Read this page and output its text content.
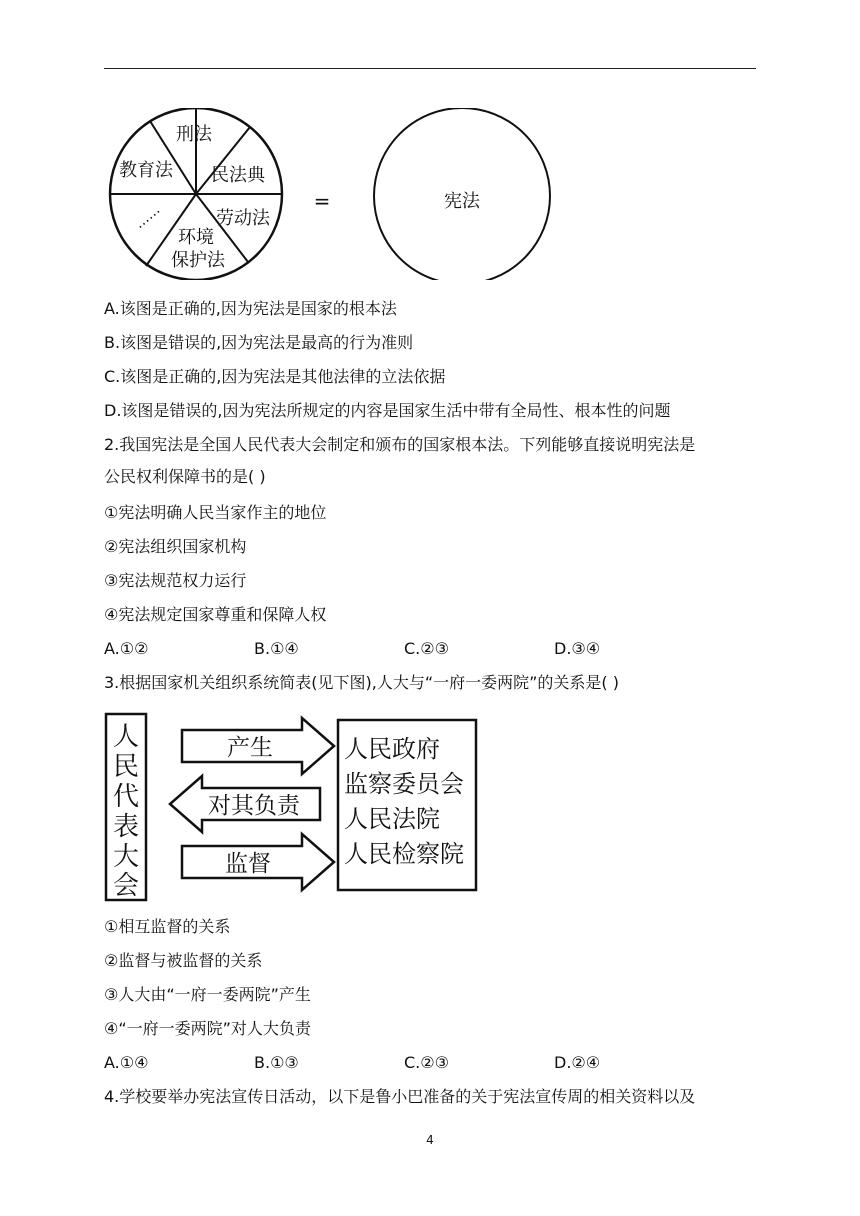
刑法
民法典
劳动法
环境
保护法
……
教育法
=	宪法
A.该图是正确的,因为宪法是国家的根本法
B.该图是错误的,因为宪法是最高的行为准则
C.该图是正确的,因为宪法是其他法律的立法依据
D.该图是错误的,因为宪法所规定的内容是国家生活中带有全局性、根本性的问题
2.我国宪法是全国人民代表大会制定和颁布的国家根本法。下列能够直接说明宪法是
公民权利保障书的是( )
①宪法明确人民当家作主的地位
②宪法组织国家机构
③宪法规范权力运行
④宪法规定国家尊重和保障人权
A.①②	B.①④	C.②③	D.③④
3.根据国家机关组织系统简表(见下图),人大与“一府一委两院”的关系是( )
人
民
代
表
大
会
产生
对其负责
监督
人民政府
监察委员会
人民法院
人民检察院
①相互监督的关系
②监督与被监督的关系
③人大由“一府一委两院”产生
④“一府一委两院”对人大负责
A.①④	B.①③	C.②③	D.②④
4.学校要举办宪法宣传日活动，以下是鲁小巴准备的关于宪法宣传周的相关资料以及
4
